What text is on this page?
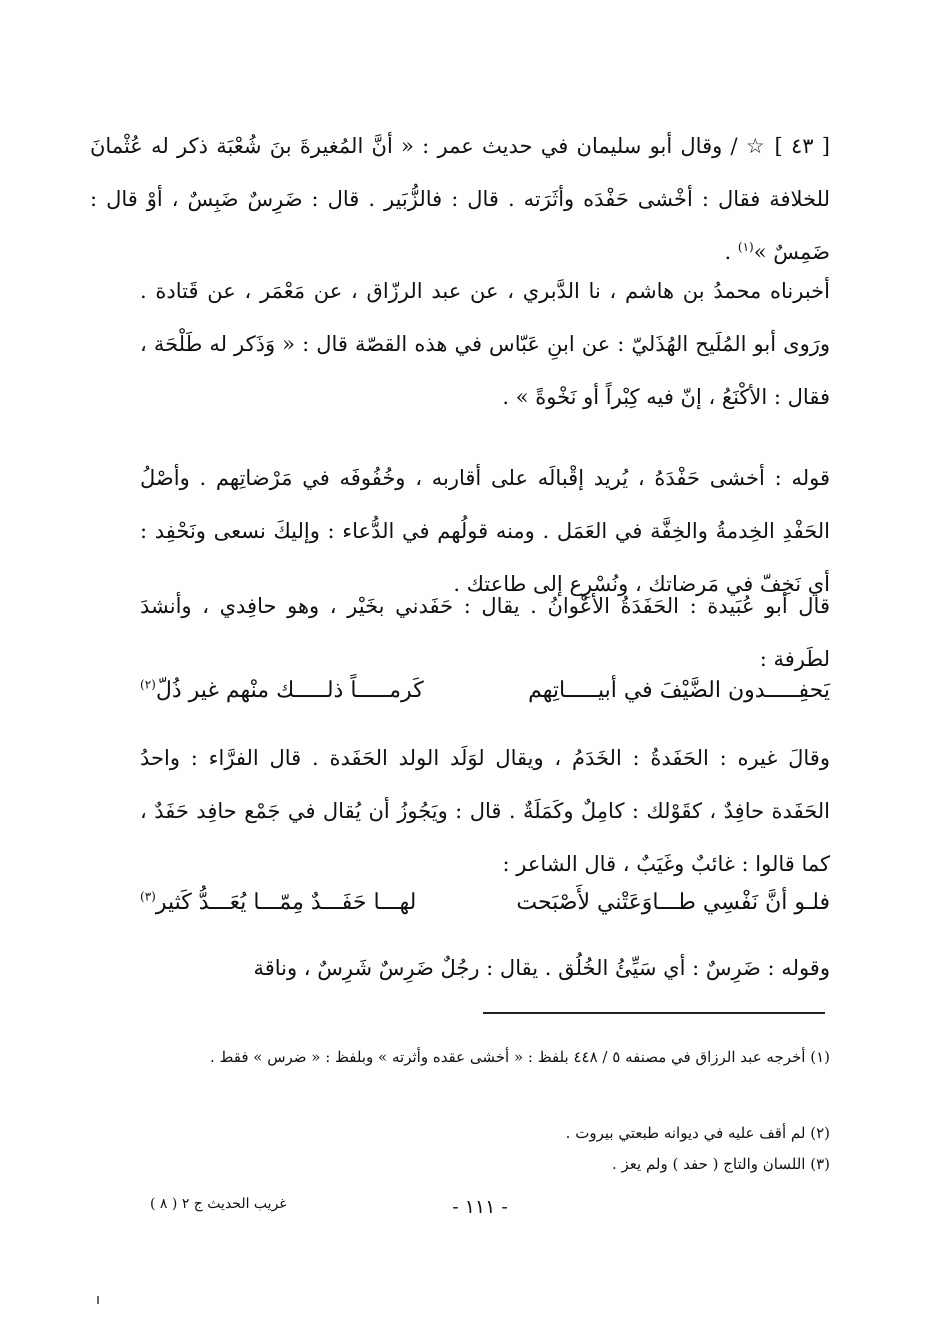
[ ٤٣ ] ☆ / وقال أبو سليمان في حديث عمر : « أنَّ المُغيرةَ بنَ شُعْبَة ذكر له عُثْمانَ للخلافة فقال : أخْشى حَفْدَه وأثَرَته . قال : فالزُّبَير . قال : ضَرِسٌ ضَبِسٌ ، أوْ قال : ضَمِسٌ »$^{(١)}$ .
أخبرناه محمدُ بن هاشم ، نا الدَّبري ، عن عبد الرزّاق ، عن مَعْمَر ، عن قَتادة . ورَوى أبو المُلَيح الهُذَليّ : عن ابنِ عَبّاس في هذه القصّة قال : « وَذَكر له طَلْحَة ، فقال : الأكْنَعُ ، إنّ فيه كِبْراً أو نَخْوةً » .
قوله : أخشى حَفْدَهُ ، يُريد إقْبالَه على أقاربه ، وخُفُوفَه في مَرْضاتِهم . وأصْلُ الحَفْدِ الخِدمةُ والخِفَّة في العَمَل . ومنه قولُهم في الدُّعاء : وإليكَ نسعى ونَحْفِد : أي نَخِفّ في مَرضاتك ، ونُسْرِع إلى طاعتك .
قال أبو عُبَيدة : الحَفَدَةُ الأعْوانُ . يقال : حَفَدني بخَيْر ، وهو حافِدي ، وأنشدَ لطَرفة :
يَحفِـــــدون الضَّيْفَ في أبيـــــاتِهم
كَرمـــــاً ذلـــــك منْهم غير ذُلّ$^{(٢)}$
وقالَ غيره : الحَفَدةُ : الخَدَمُ ، ويقال لوَلَد الولد الحَفَدة . قال الفرَّاء : واحدُ الحَفَدة حافِدٌ ، كقَوْلك : كامِلٌ وكَمَلَةٌ . قال : ويَجُوزُ أن يُقال في جَمْع حافِد حَفَدٌ ، كما قالوا : غائبٌ وغَيَبٌ ، قال الشاعر :
فلـو أنَّ نَفْسِي طـــاوَعَتْني لأَصْبَحت
لهـــا حَفَـــدٌ مِمّـــا يُعَـــدُّ كَثير$^{(٣)}$
وقوله : ضَرِسٌ : أي سَيِّئُ الخُلُق . يقال : رجُلٌ ضَرِسٌ شَرِسٌ ، وناقة
(١) أخرجه عبد الرزاق في مصنفه ٥ / ٤٤٨ بلفظ : « أخشى عقده وأثرته » وبلفظ : « ضرس » فقط .
(٢) لم أقف عليه في ديوانه طبعتي بيروت .
(٣) اللسان والتاج ( حفد ) ولم يعز .
- ١١١ -
غريب الحديث ج ٢ ( ٨ )
